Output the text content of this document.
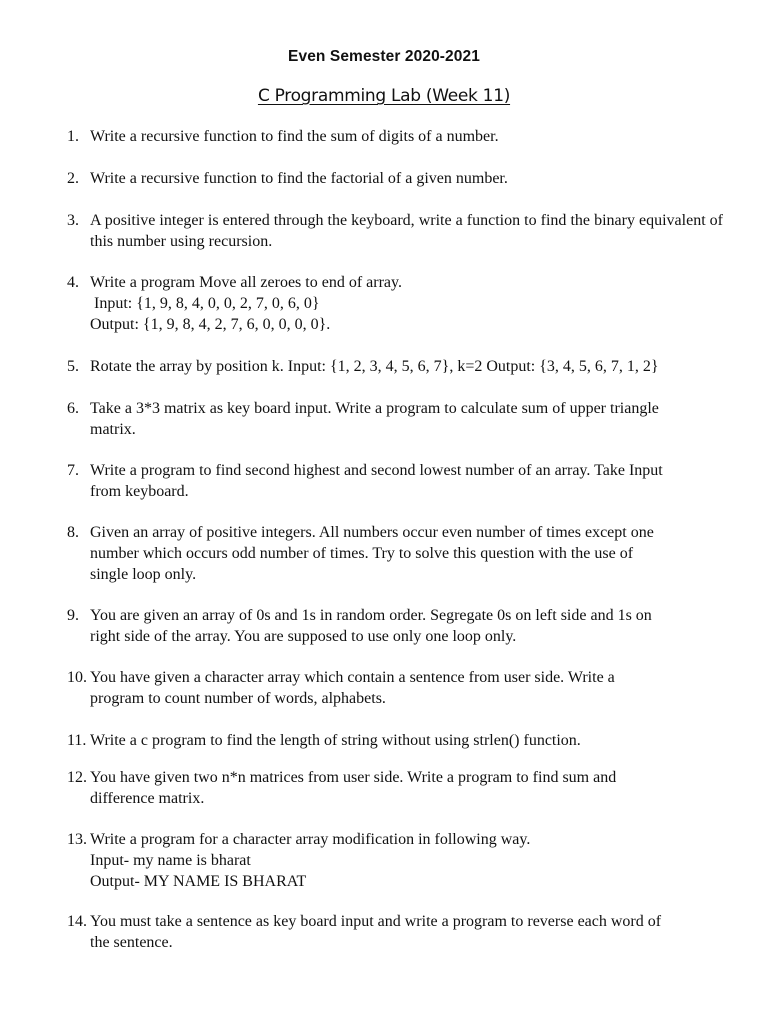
Even Semester 2020-2021
C Programming Lab (Week 11)
1. Write a recursive function to find the sum of digits of a number.
2. Write a recursive function to find the factorial of a given number.
3. A positive integer is entered through the keyboard, write a function to find the binary equivalent of this number using recursion.
4. Write a program Move all zeroes to end of array.
Input: {1, 9, 8, 4, 0, 0, 2, 7, 0, 6, 0}
Output: {1, 9, 8, 4, 2, 7, 6, 0, 0, 0, 0}.
5. Rotate the array by position k. Input: {1, 2, 3, 4, 5, 6, 7}, k=2 Output: {3, 4, 5, 6, 7, 1, 2}
6. Take a 3*3 matrix as key board input. Write a program to calculate sum of upper triangle
matrix.
7. Write a program to find second highest and second lowest number of an array. Take Input
from keyboard.
8. Given an array of positive integers. All numbers occur even number of times except one
number which occurs odd number of times. Try to solve this question with the use of
single loop only.
9. You are given an array of 0s and 1s in random order. Segregate 0s on left side and 1s on
right side of the array. You are supposed to use only one loop only.
10. You have given a character array which contain a sentence from user side. Write a
program to count number of words, alphabets.
11. Write a c program to find the length of string without using strlen() function.
12. You have given two n*n matrices from user side. Write a program to find sum and
difference matrix.
13. Write a program for a character array modification in following way.
Input- my name is bharat
Output- MY NAME IS BHARAT
14. You must take a sentence as key board input and write a program to reverse each word of
the sentence.
